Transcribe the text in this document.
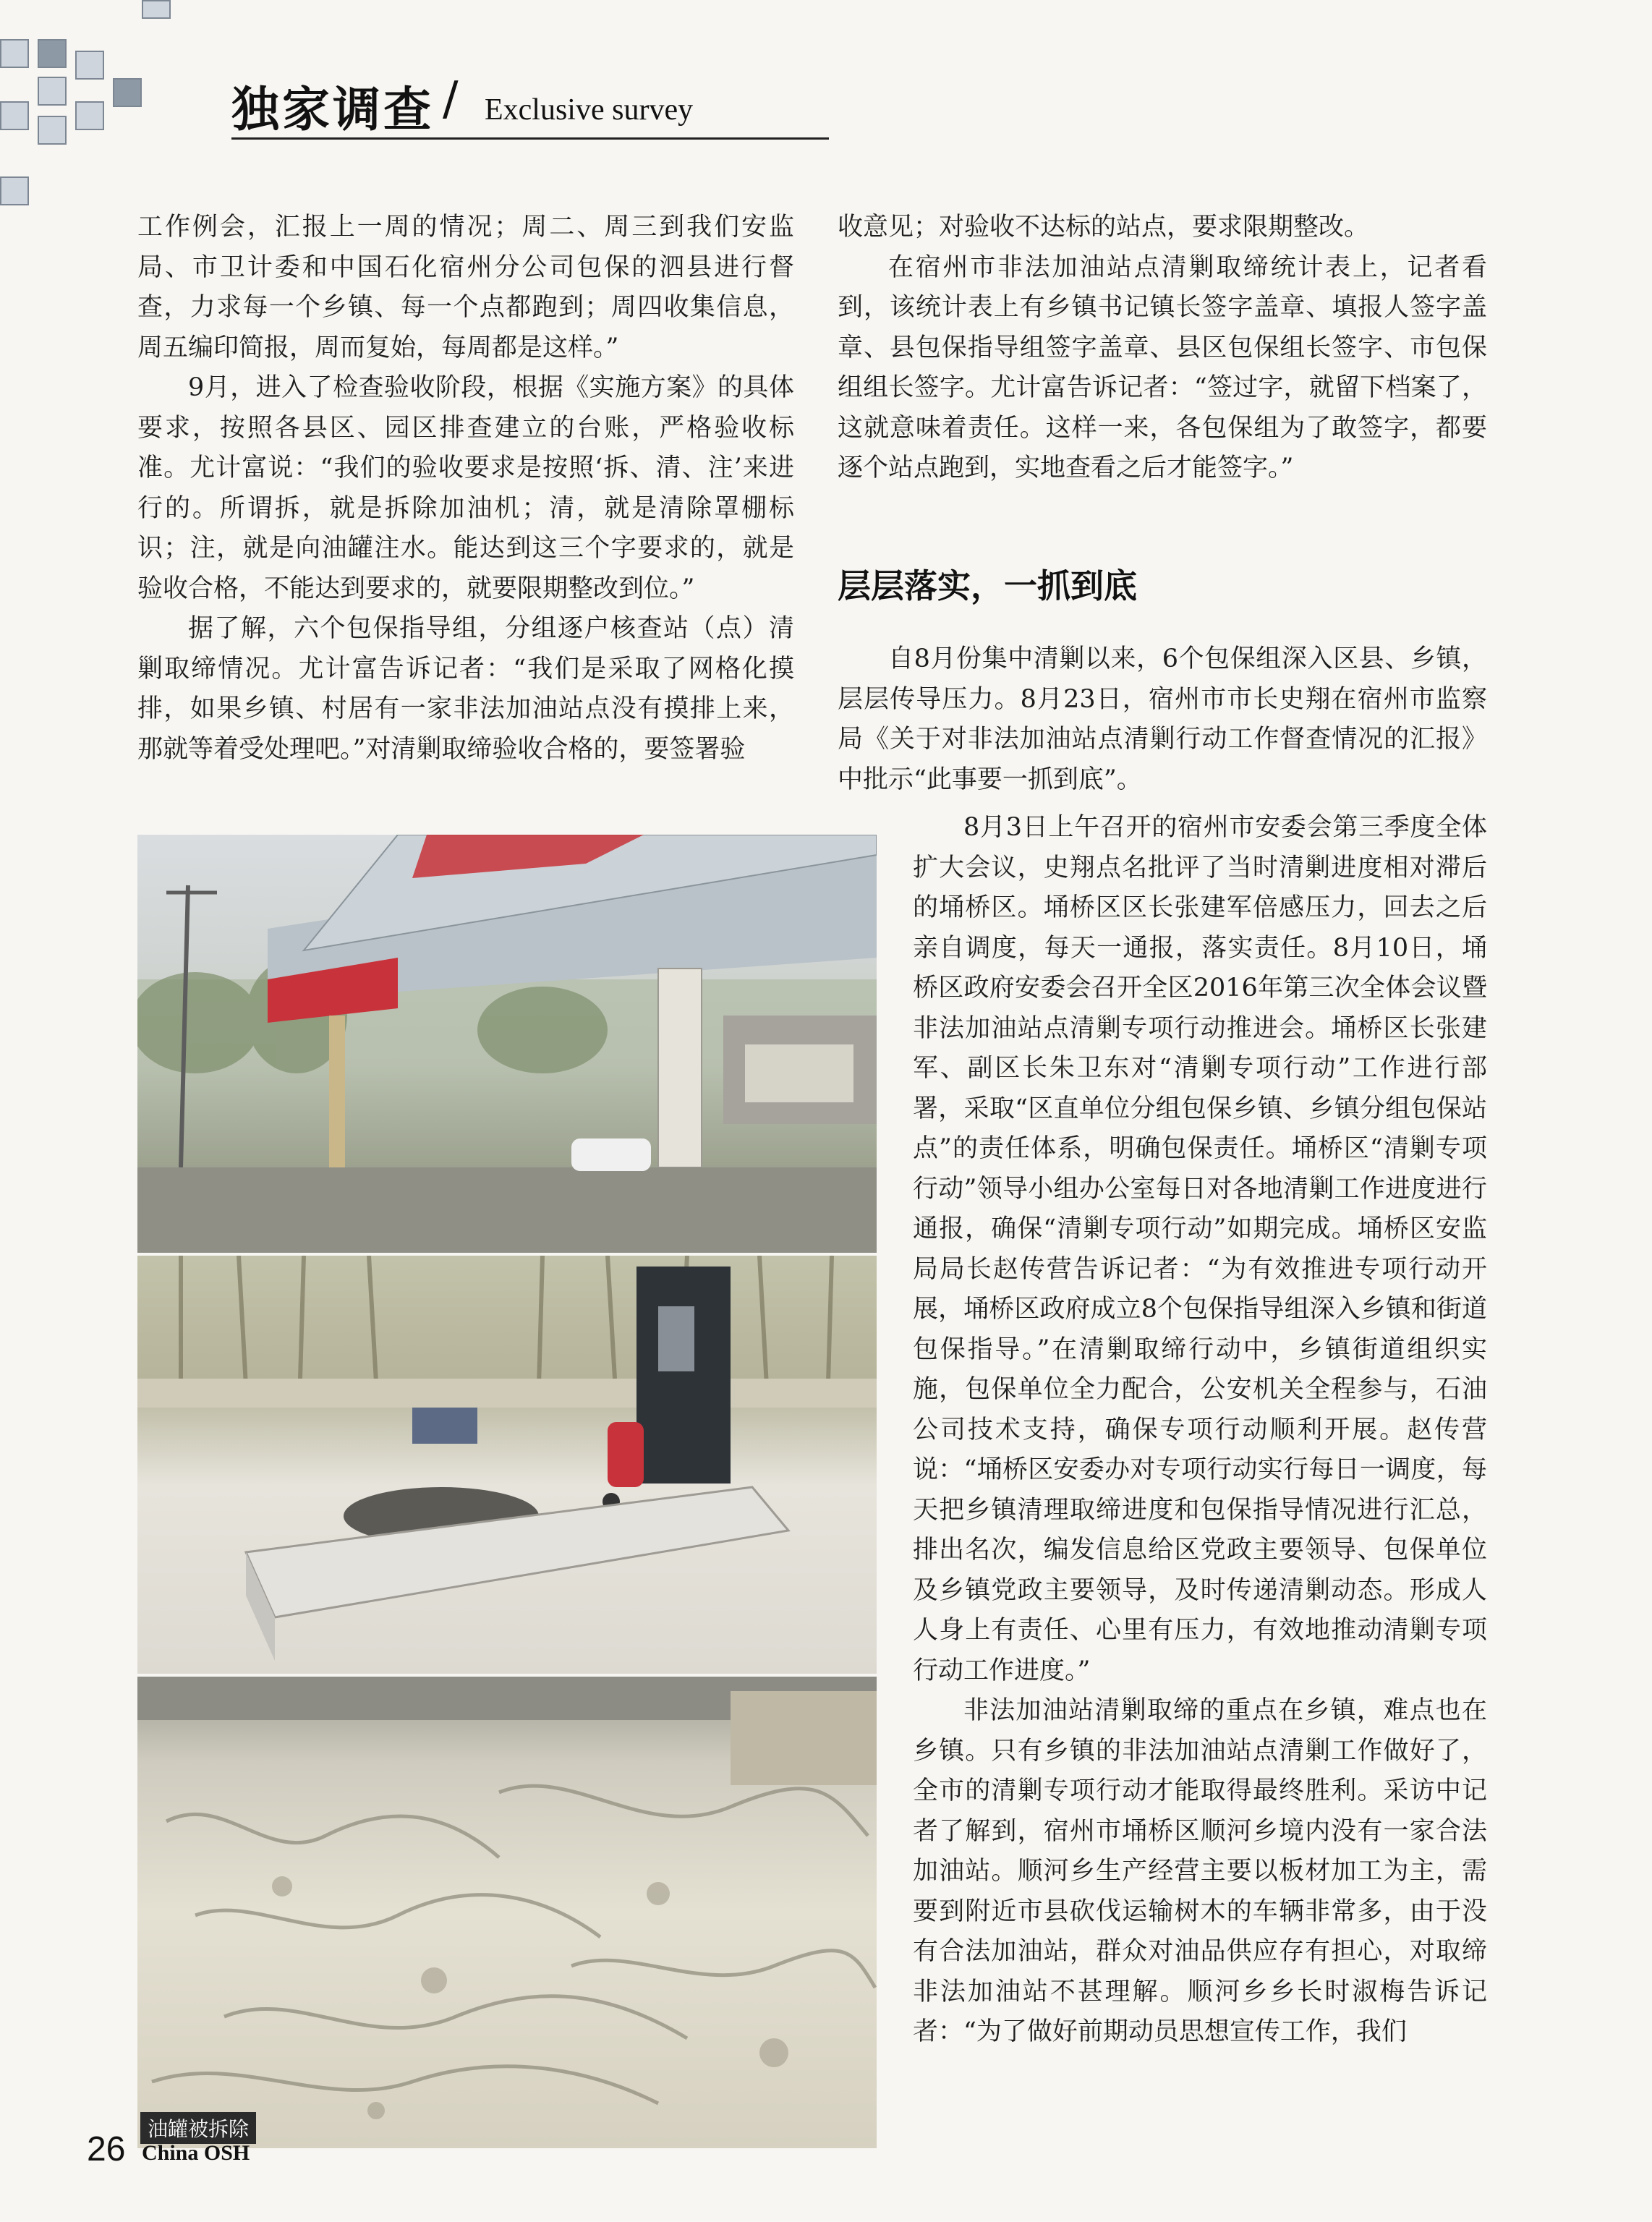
独家调查 / Exclusive survey

工作例会，汇报上一周的情况；周二、周三到我们安监局、市卫计委和中国石化宿州分公司包保的泗县进行督查，力求每一个乡镇、每一个点都跑到；周四收集信息，周五编印简报，周而复始，每周都是这样。”

9月，进入了检查验收阶段，根据《实施方案》的具体要求，按照各县区、园区排查建立的台账，严格验收标准。尤计富说：“我们的验收要求是按照‘拆、清、注’来进行的。所谓拆，就是拆除加油机；清，就是清除罩棚标识；注，就是向油罐注水。能达到这三个字要求的，就是验收合格，不能达到要求的，就要限期整改到位。”

据了解，六个包保指导组，分组逐户核查站（点）清剿取缔情况。尤计富告诉记者：“我们是采取了网格化摸排，如果乡镇、村居有一家非法加油站点没有摸排上来，那就等着受处理吧。”对清剿取缔验收合格的，要签署验

收意见；对验收不达标的站点，要求限期整改。

在宿州市非法加油站点清剿取缔统计表上，记者看到，该统计表上有乡镇书记镇长签字盖章、填报人签字盖章、县包保指导组签字盖章、县区包保组长签字、市包保组组长签字。尤计富告诉记者：“签过字，就留下档案了，这就意味着责任。这样一来，各包保组为了敢签字，都要逐个站点跑到，实地查看之后才能签字。”

层层落实，一抓到底

自8月份集中清剿以来，6个包保组深入区县、乡镇，层层传导压力。8月23日，宿州市市长史翔在宿州市监察局《关于对非法加油站点清剿行动工作督查情况的汇报》中批示“此事要一抓到底”。

8月3日上午召开的宿州市安委会第三季度全体扩大会议，史翔点名批评了当时清剿进度相对滞后的埇桥区。埇桥区区长张建军倍感压力，回去之后亲自调度，每天一通报，落实责任。8月10日，埇桥区政府安委会召开全区2016年第三次全体会议暨非法加油站点清剿专项行动推进会。埇桥区长张建军、副区长朱卫东对“清剿专项行动”工作进行部署，采取“区直单位分组包保乡镇、乡镇分组包保站点”的责任体系，明确包保责任。埇桥区“清剿专项行动”领导小组办公室每日对各地清剿工作进度进行通报，确保“清剿专项行动”如期完成。埇桥区安监局局长赵传营告诉记者：“为有效推进专项行动开展，埇桥区政府成立8个包保指导组深入乡镇和街道包保指导。”在清剿取缔行动中，乡镇街道组织实施，包保单位全力配合，公安机关全程参与，石油公司技术支持，确保专项行动顺利开展。赵传营说：“埇桥区安委办对专项行动实行每日一调度，每天把乡镇清理取缔进度和包保指导情况进行汇总，排出名次，编发信息给区党政主要领导、包保单位及乡镇党政主要领导，及时传递清剿动态。形成人人身上有责任、心里有压力，有效地推动清剿专项行动工作进度。”

非法加油站清剿取缔的重点在乡镇，难点也在乡镇。只有乡镇的非法加油站点清剿工作做好了，全市的清剿专项行动才能取得最终胜利。采访中记者了解到，宿州市埇桥区顺河乡境内没有一家合法加油站。顺河乡生产经营主要以板材加工为主，需要到附近市县砍伐运输树木的车辆非常多，由于没有合法加油站，群众对油品供应存有担心，对取缔非法加油站不甚理解。顺河乡乡长时淑梅告诉记者：“为了做好前期动员思想宣传工作，我们

油罐被拆除
26 China OSH
